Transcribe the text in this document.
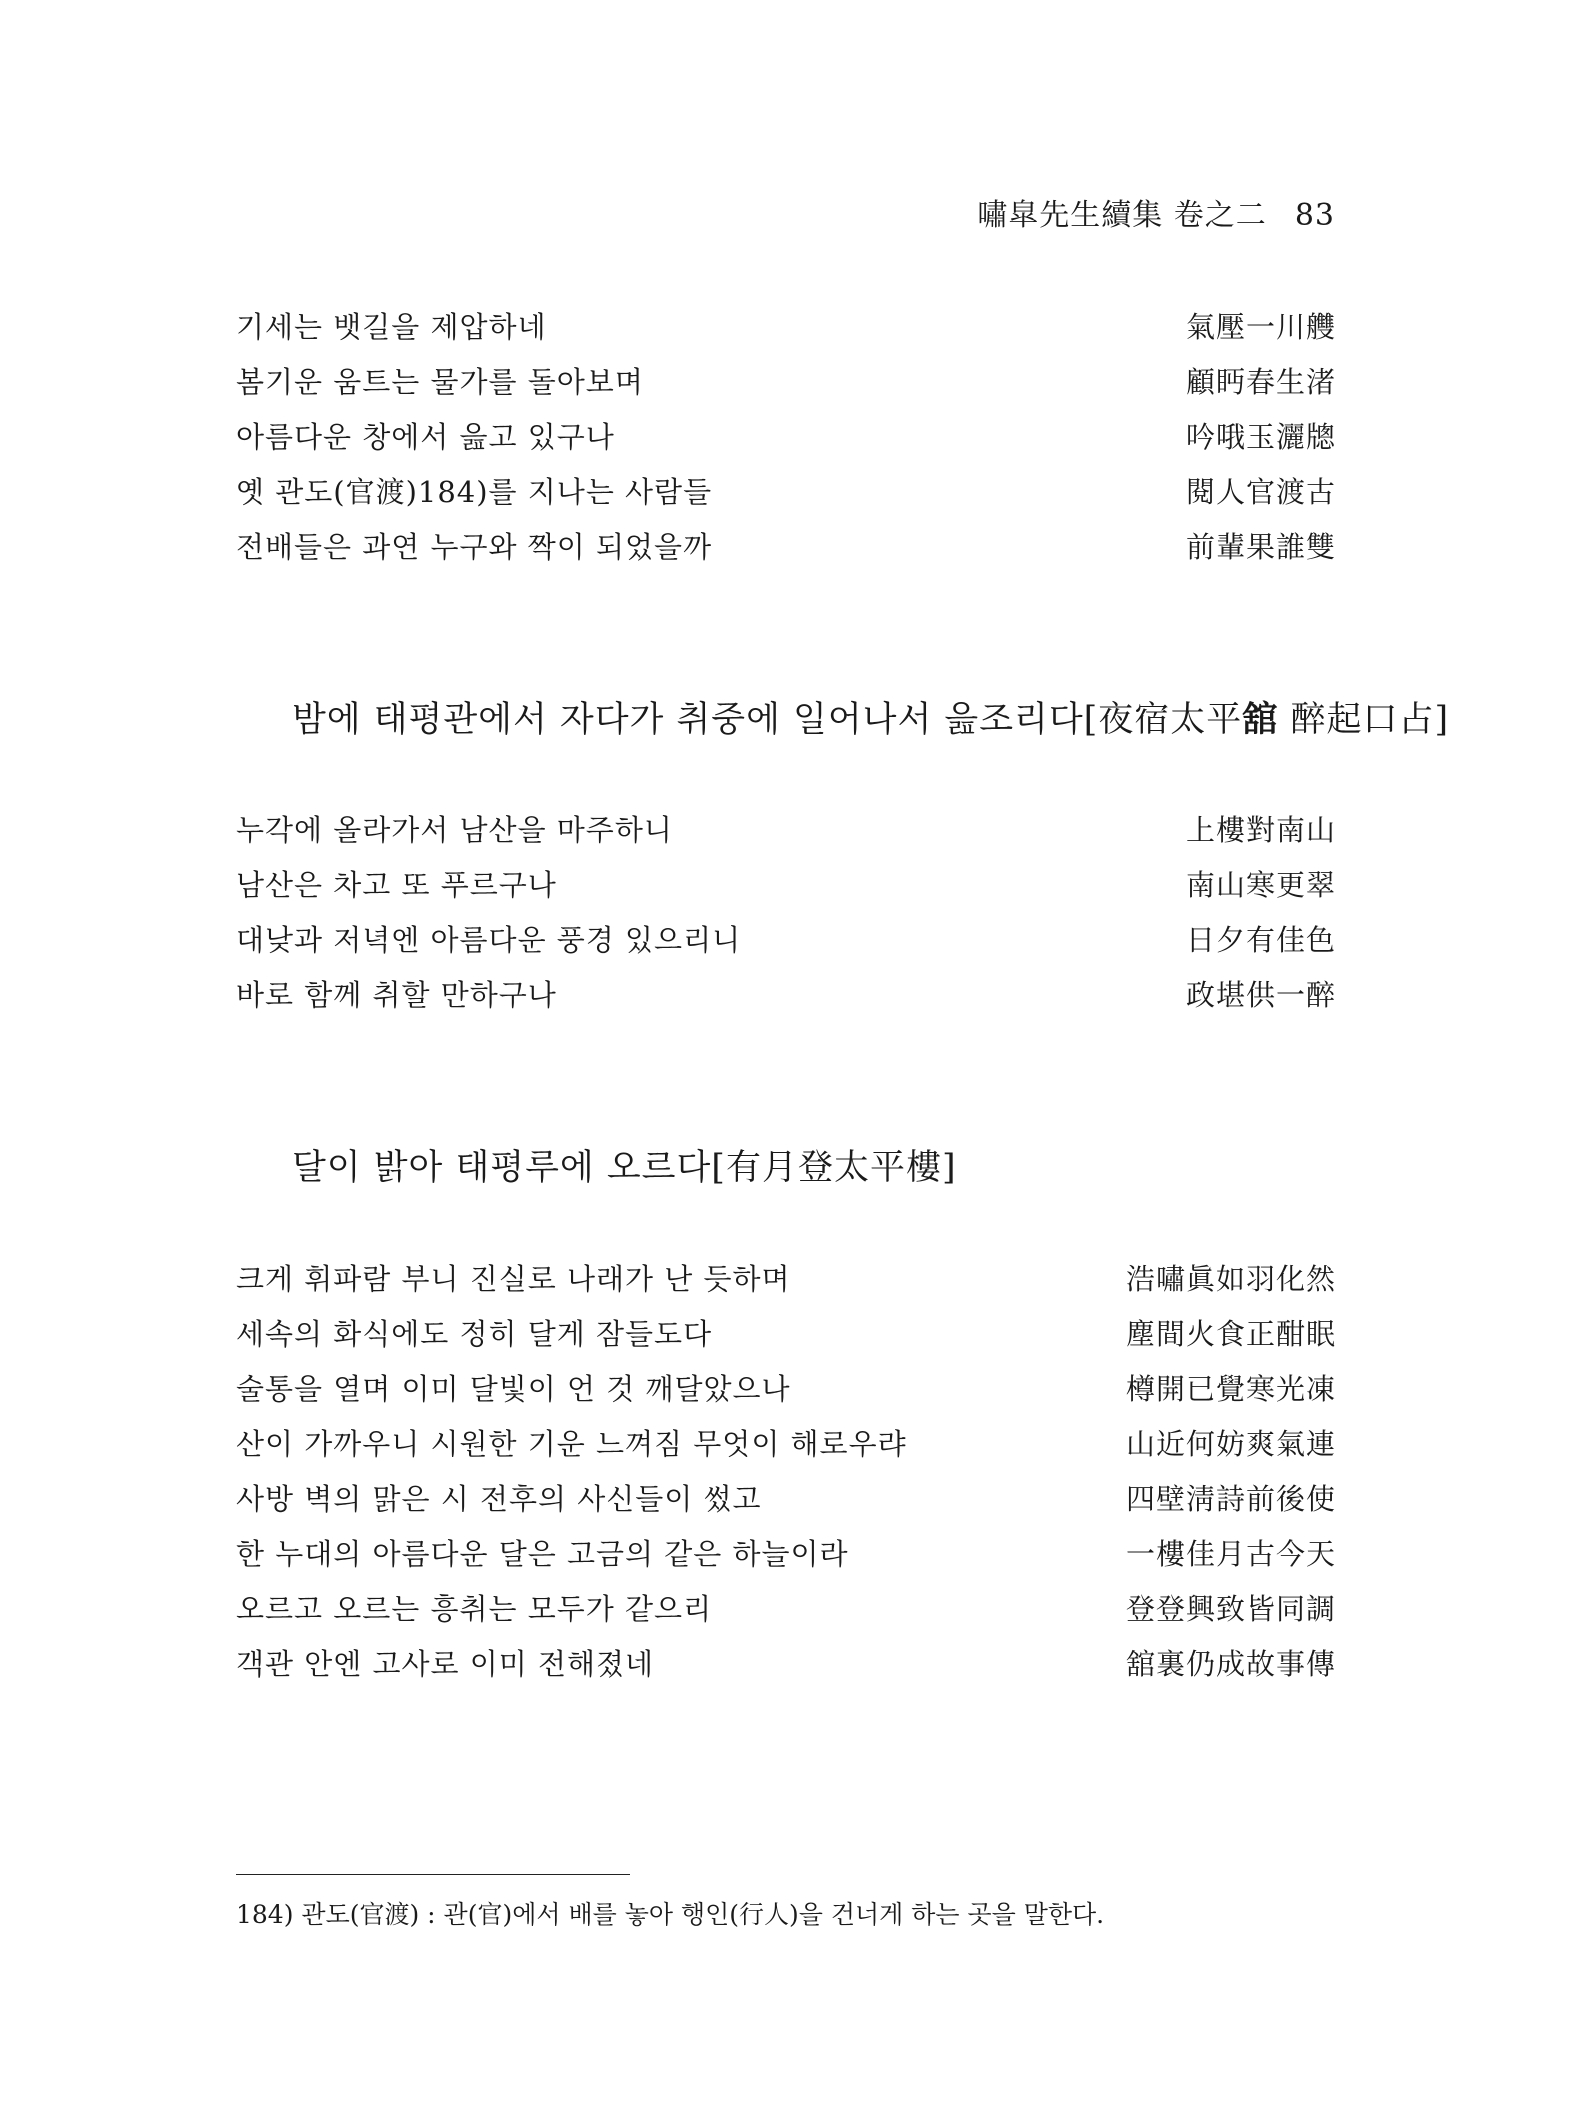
嘯皐先生續集 卷之二 83
기세는 뱃길을 제압하네	氣壓一川艭
봄기운 움트는 물가를 돌아보며	顧眄春生渚
아름다운 창에서 읊고 있구나	吟哦玉灑牕
옛 관도(官渡)184)를 지나는 사람들	閱人官渡古
전배들은 과연 누구와 짝이 되었을까	前輩果誰雙
밤에 태평관에서 자다가 취중에 일어나서 읊조리다[夜宿太平舘 醉起口占]
누각에 올라가서 남산을 마주하니	上樓對南山
남산은 차고 또 푸르구나	南山寒更翠
대낮과 저녁엔 아름다운 풍경 있으리니	日夕有佳色
바로 함께 취할 만하구나	政堪供一醉
달이 밝아 태평루에 오르다[有月登太平樓]
크게 휘파람 부니 진실로 나래가 난 듯하며	浩嘯眞如羽化然
세속의 화식에도 정히 달게 잠들도다	塵間火食正酣眠
술통을 열며 이미 달빛이 언 것 깨달았으나	樽開已覺寒光凍
산이 가까우니 시원한 기운 느껴짐 무엇이 해로우랴	山近何妨爽氣連
사방 벽의 맑은 시 전후의 사신들이 썼고	四壁淸詩前後使
한 누대의 아름다운 달은 고금의 같은 하늘이라	一樓佳月古今天
오르고 오르는 흥취는 모두가 같으리	登登興致皆同調
객관 안엔 고사로 이미 전해졌네	舘裏仍成故事傳
184) 관도(官渡) : 관(官)에서 배를 놓아 행인(行人)을 건너게 하는 곳을 말한다.
